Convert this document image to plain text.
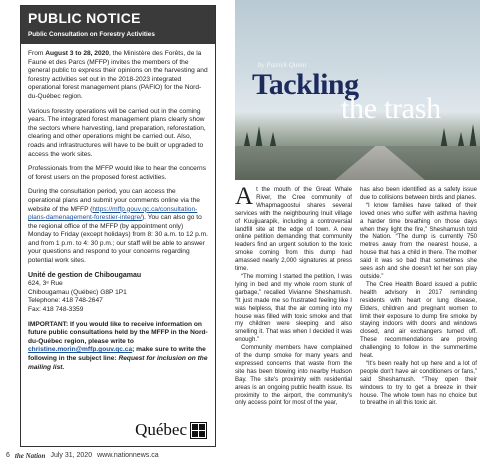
PUBLIC NOTICE
Public Consultation on Forestry Activities

From August 3 to 28, 2020, the Ministère des Forêts, de la Faune et des Parcs (MFFP) invites the members of the general public to express their opinions on the harvesting and forestry activities set out in the 2018-2023 integrated operational forest management plans (PAFIO) for the Nord-du-Québec region.

Various forestry operations will be carried out in the coming years. The integrated forest management plans clearly show the sectors where harvesting, land preparation, reforestation, clearing and other operations might be carried out. Also, roads and infrastructures will have to be built or upgraded to access the work sites.

Professionals from the MFFP would like to hear the concerns of forest users on the proposed forest activities.

During the consultation period, you can access the operational plans and submit your comments online via the website of the MFFP (https://mffp.gouv.qc.ca/consultation-plans-damenagement-forestier-integre/). You can also go to the regional office of the MFFP (by appointment only) Monday to Friday (except holidays) from 8: 30 a.m. to 12 p.m. and from 1 p.m. to 4: 30 p.m.; our staff will be able to answer your questions and respond to your concerns regarding potential work sites.

Unité de gestion de Chibougamau
624, 3ᵉ Rue
Chibougamau (Québec) G8P 1P1
Telephone: 418 748-2647
Fax: 418 748-3359

IMPORTANT: If you would like to receive information on future public consultations held by the MFFP in the Nord-du-Québec region, please write to christine.morin@mffp.gouv.qc.ca; make sure to write the following in the subject line: Request for inclusion on the mailing list.

Québec
6 the Nation July 31, 2020 www.nationnews.ca
by Patrick Quinn
Tackling
the trash

At the mouth of the Great Whale River, the Cree community of Whapmagoostui shares several services with the neighbouring Inuit village of Kuujjuarapik, including a controversial landfill site at the edge of town. A new online petition demanding that community leaders find an urgent solution to the toxic smoke coming from this dump had amassed nearly 2,000 signatures at press time.

“The morning I started the petition, I was lying in bed and my whole room stunk of garbage,” recalled Vivianne Sheshamush. “It just made me so frustrated feeling like I was helpless, that the air coming into my house was filled with toxic smoke and that my children were sleeping and also smelling it. That was when I decided it was enough.”

Community members have complained of the dump smoke for many years and expressed concerns that waste from the site has been blowing into nearby Hudson Bay. The site's proximity with residential areas is an ongoing public health issue. Its proximity to the airport, the community's only access point for most of the year,

has also been identified as a safety issue due to collisions between birds and planes.

“I know families have talked of their loved ones who suffer with asthma having a harder time breathing on those days when they light the fire,” Sheshamush told the Nation. “The dump is currently 750 metres away from the nearest house, a house that has a child in there. The mother said it was so bad that sometimes she sees ash and she doesn't let her son play outside.”

The Cree Health Board issued a public health advisory in 2017 reminding residents with heart or lung disease, Elders, children and pregnant women to limit their exposure to dump fire smoke by staying indoors with doors and windows closed, and air exchangers turned off. These recommendations are proving challenging to follow in the summertime heat.

“It's been really hot up here and a lot of people don't have air conditioners or fans,” said Sheshamush. “They open their windows to try to get a breeze in their house. The whole town has no choice but to breathe in all this toxic air.
